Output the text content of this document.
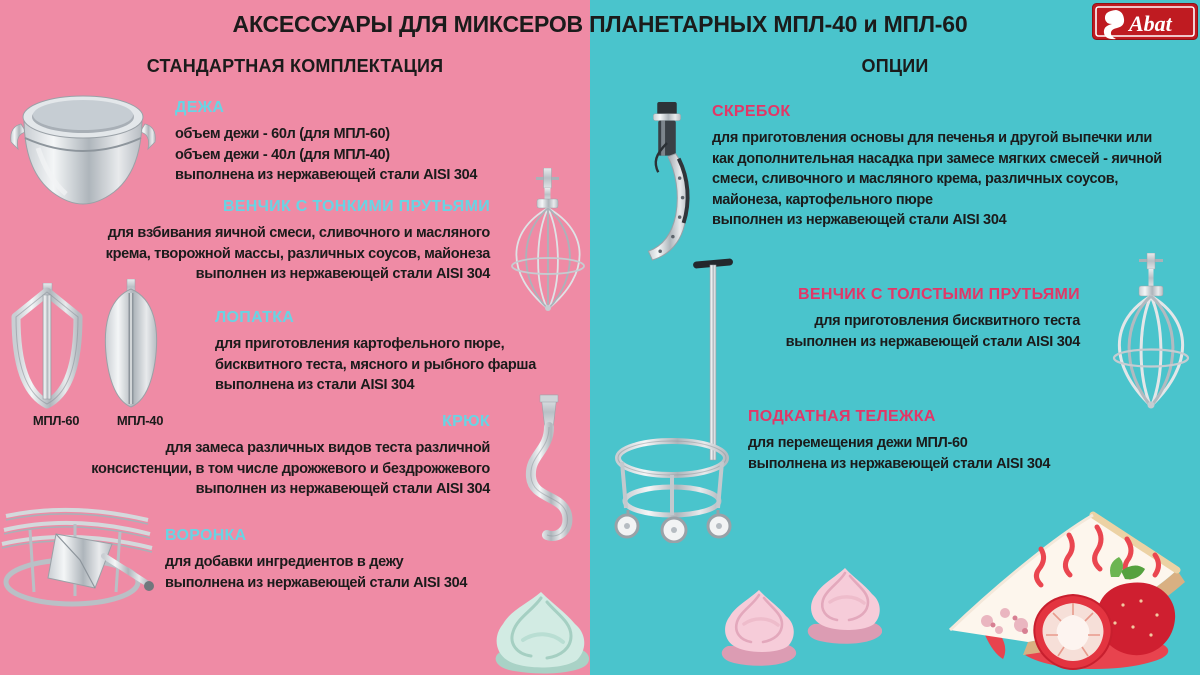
АКСЕССУАРЫ ДЛЯ МИКСЕРОВ ПЛАНЕТАРНЫХ МПЛ-40 и МПЛ-60	Abat
СТАНДАРТНАЯ КОМПЛЕКТАЦИЯ	ОПЦИИ
ДЕЖА

объем дежи - 60л (для МПЛ-60)

объем дежи - 40л (для МПЛ-40)

выполнена из нержавеющей стали AISI 304

ВЕНЧИК С ТОНКИМИ ПРУТЬЯМИ

для взбивания яичной смеси, сливочного и масляного

крема, творожной массы, различных соусов, майонеза

выполнен из нержавеющей стали AISI 304

ЛОПАТКА

для приготовления картофельного пюре,

бисквитного теста, мясного и рыбного фарша

выполнена из стали AISI 304

КРЮК

для замеса различных видов теста различной

консистенции, в том числе дрожжевого и бездрожжевого

выполнен из нержавеющей стали AISI 304

ВОРОНКА

для добавки ингредиентов в дежу

выполнена из нержавеющей стали AISI 304

МПЛ-60	МПЛ-40
СКРЕБОК

для приготовления основы для печенья и другой выпечки или

как дополнительная насадка при замесе мягких смесей - яичной

смеси, сливочного и масляного крема, различных соусов,

майонеза, картофельного пюре

выполнен из нержавеющей стали AISI 304

ВЕНЧИК С ТОЛСТЫМИ ПРУТЬЯМИ

для приготовления бисквитного теста

выполнен из нержавеющей стали AISI 304

ПОДКАТНАЯ ТЕЛЕЖКА

для перемещения дежи МПЛ-60

выполнена из нержавеющей стали AISI 304
